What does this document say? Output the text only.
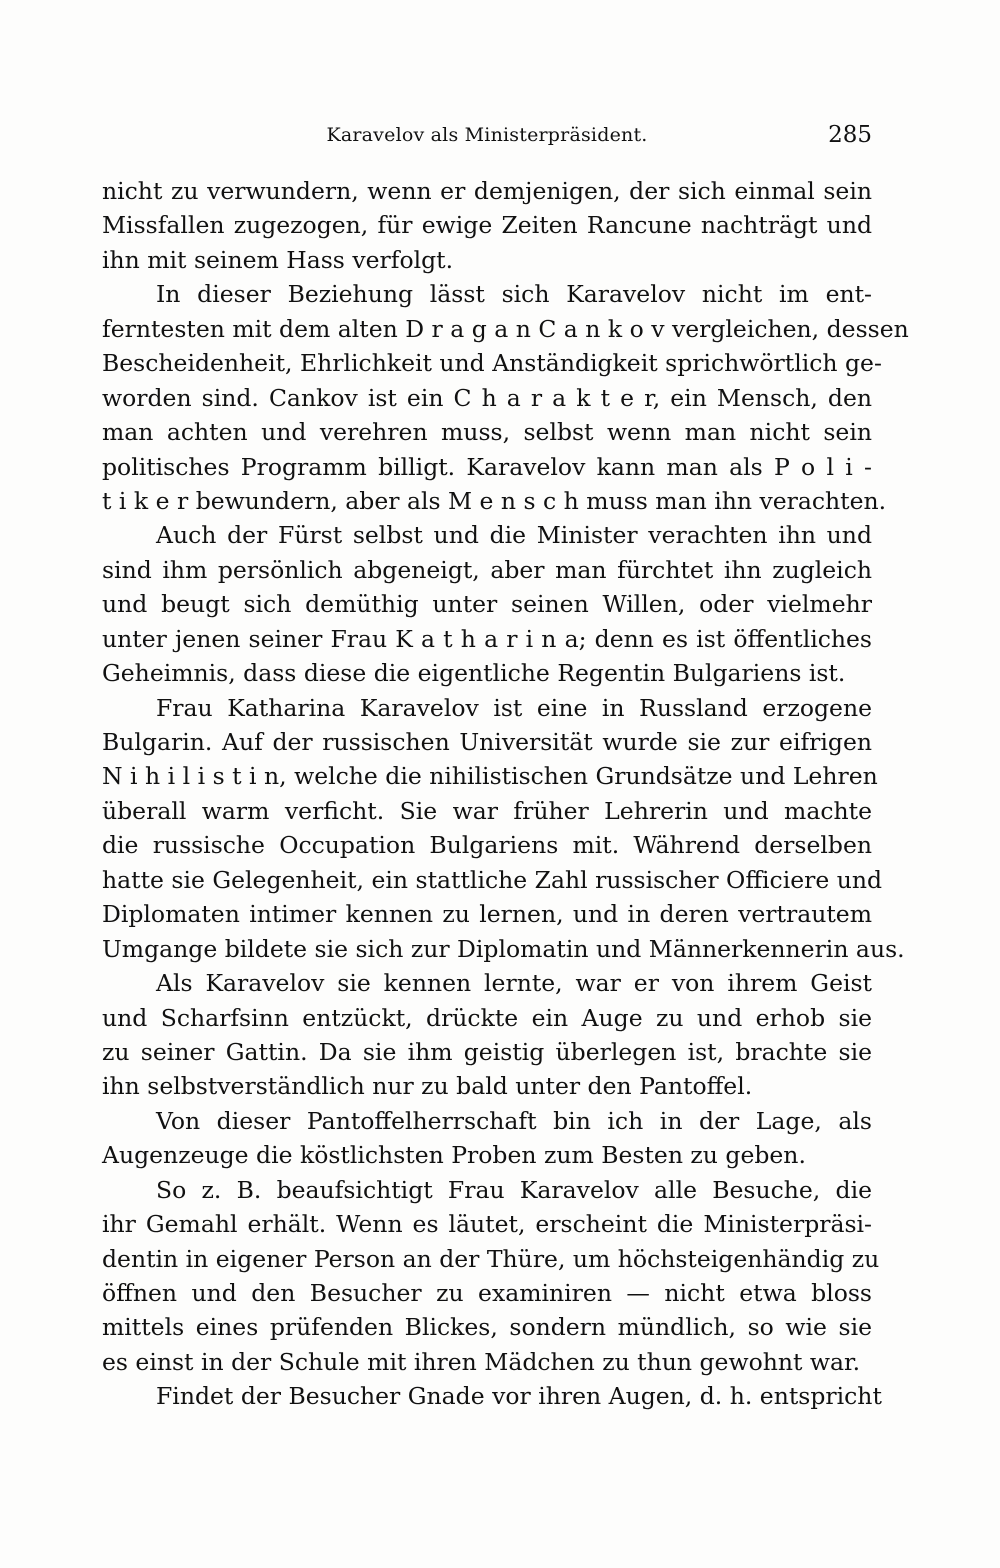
Karavelov als Ministerpräsident.	285
nicht zu verwundern, wenn er demjenigen, der sich einmal sein
Missfallen zugezogen, für ewige Zeiten Rancune nachträgt und
ihn mit seinem Hass verfolgt.
In dieser Beziehung lässt sich Karavelov nicht im ent-
ferntesten mit dem alten D r a g a n C a n k o v vergleichen, dessen
Bescheidenheit, Ehrlichkeit und Anständigkeit sprichwörtlich ge-
worden sind. Cankov ist ein C h a r a k t e r, ein Mensch, den
man achten und verehren muss, selbst wenn man nicht sein
politisches Programm billigt. Karavelov kann man als P o l i -
t i k e r bewundern, aber als M e n s c h muss man ihn verachten.
Auch der Fürst selbst und die Minister verachten ihn und
sind ihm persönlich abgeneigt, aber man fürchtet ihn zugleich
und beugt sich demüthig unter seinen Willen, oder vielmehr
unter jenen seiner Frau K a t h a r i n a; denn es ist öffentliches
Geheimnis, dass diese die eigentliche Regentin Bulgariens ist.
Frau Katharina Karavelov ist eine in Russland erzogene
Bulgarin. Auf der russischen Universität wurde sie zur eifrigen
N i h i l i s t i n, welche die nihilistischen Grundsätze und Lehren
überall warm verficht. Sie war früher Lehrerin und machte
die russische Occupation Bulgariens mit. Während derselben
hatte sie Gelegenheit, ein stattliche Zahl russischer Officiere und
Diplomaten intimer kennen zu lernen, und in deren vertrautem
Umgange bildete sie sich zur Diplomatin und Männerkennerin aus.
Als Karavelov sie kennen lernte, war er von ihrem Geist
und Scharfsinn entzückt, drückte ein Auge zu und erhob sie
zu seiner Gattin. Da sie ihm geistig überlegen ist, brachte sie
ihn selbstverständlich nur zu bald unter den Pantoffel.
Von dieser Pantoffelherrschaft bin ich in der Lage, als
Augenzeuge die köstlichsten Proben zum Besten zu geben.
So z. B. beaufsichtigt Frau Karavelov alle Besuche, die
ihr Gemahl erhält. Wenn es läutet, erscheint die Ministerpräsi-
dentin in eigener Person an der Thüre, um höchsteigenhändig zu
öffnen und den Besucher zu examiniren — nicht etwa bloss
mittels eines prüfenden Blickes, sondern mündlich, so wie sie
es einst in der Schule mit ihren Mädchen zu thun gewohnt war.
Findet der Besucher Gnade vor ihren Augen, d. h. entspricht
